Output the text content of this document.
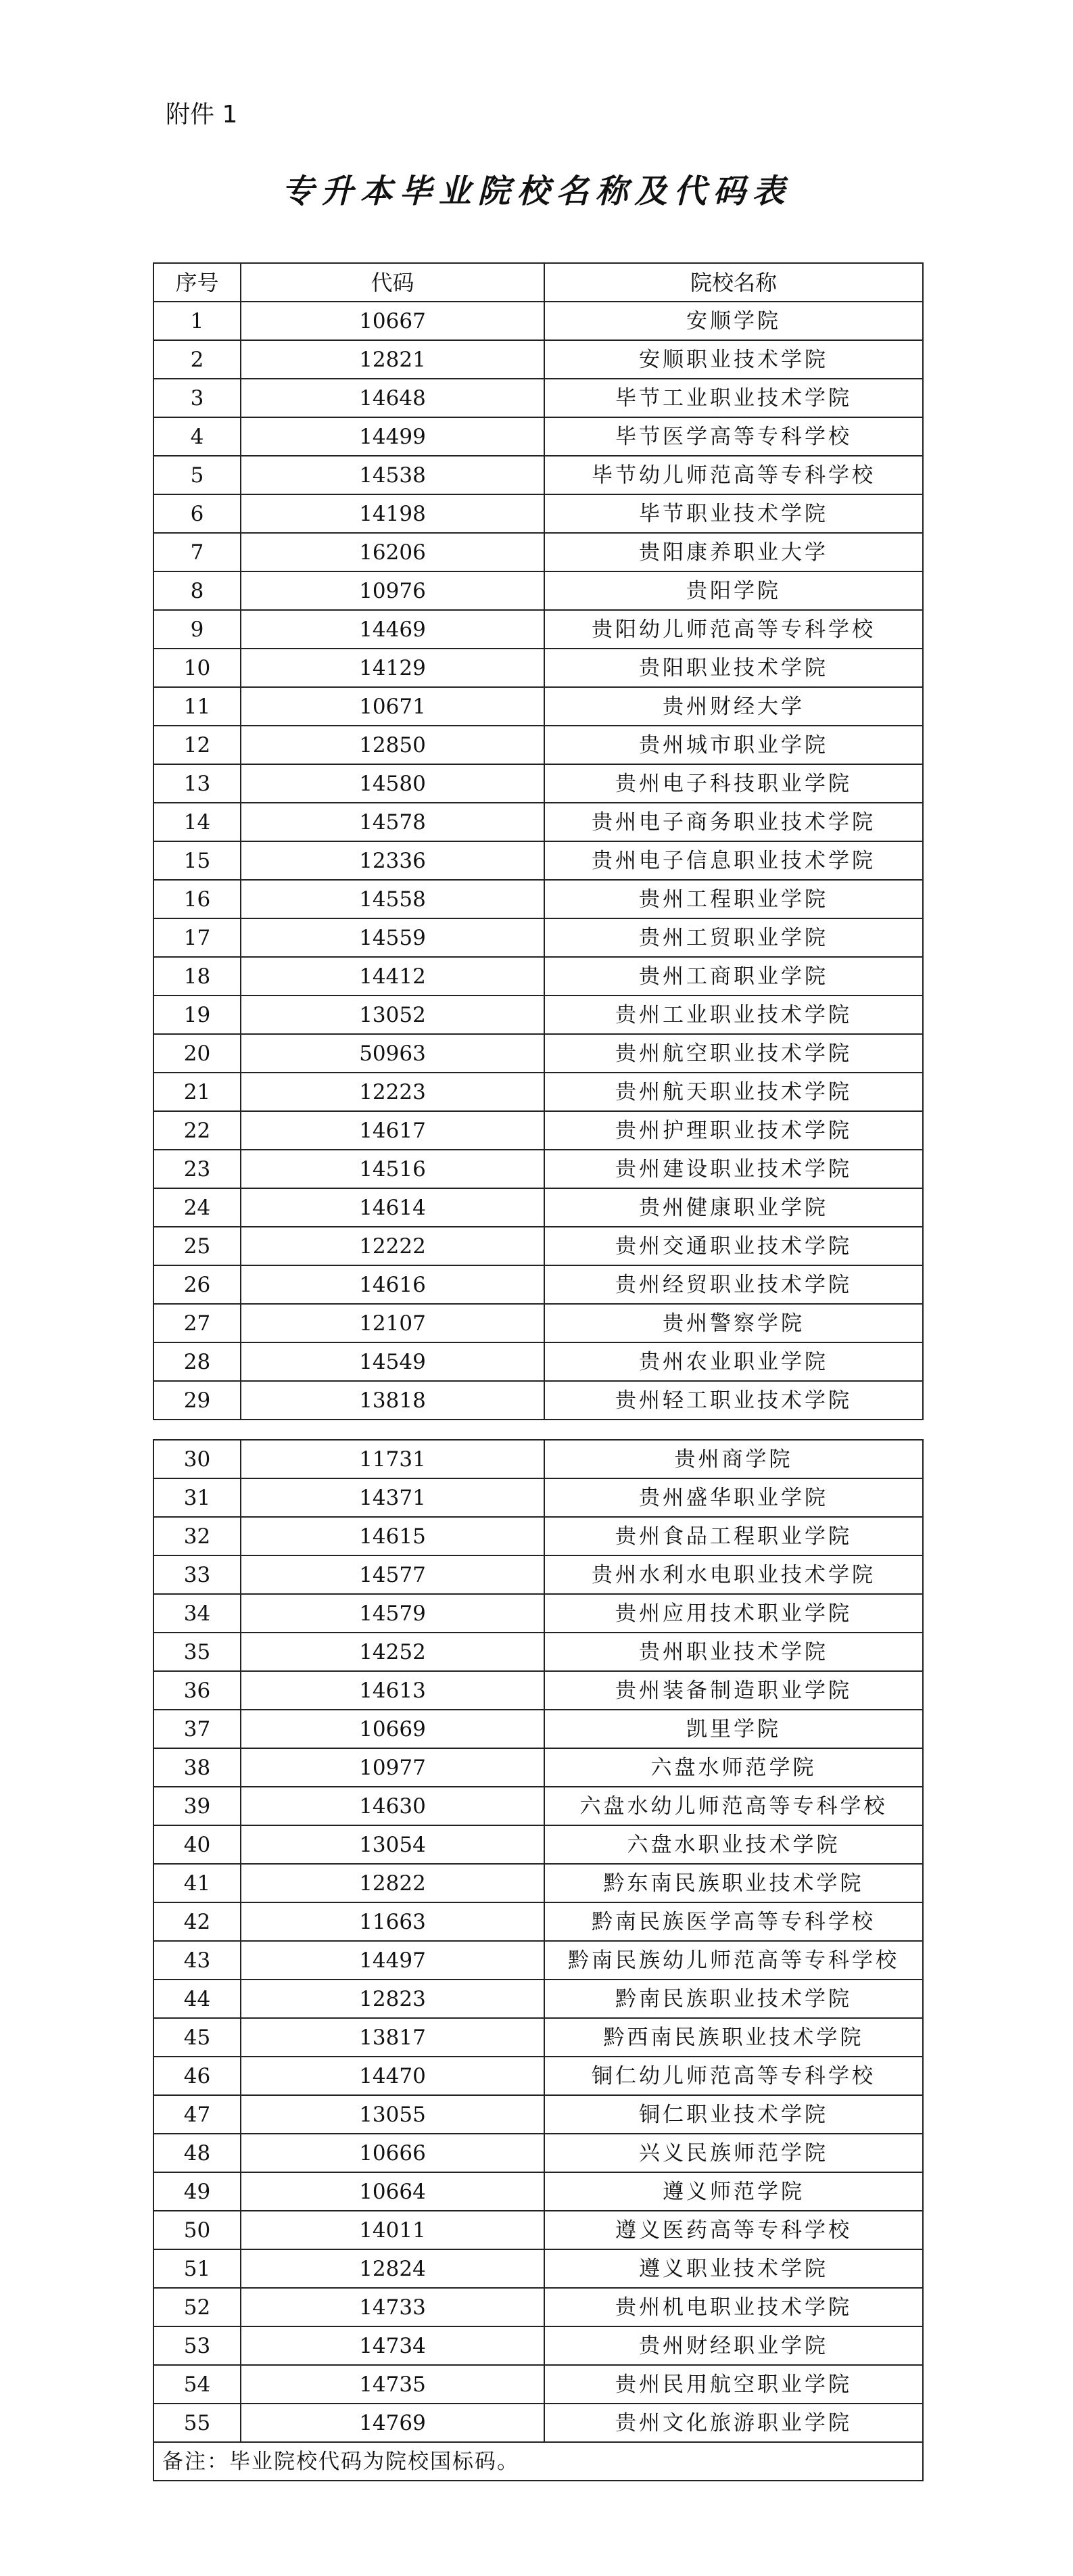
附件 1
专升本毕业院校名称及代码表
序号	代码	院校名称
1	10667	安顺学院
2	12821	安顺职业技术学院
3	14648	毕节工业职业技术学院
4	14499	毕节医学高等专科学校
5	14538	毕节幼儿师范高等专科学校
6	14198	毕节职业技术学院
7	16206	贵阳康养职业大学
8	10976	贵阳学院
9	14469	贵阳幼儿师范高等专科学校
10	14129	贵阳职业技术学院
11	10671	贵州财经大学
12	12850	贵州城市职业学院
13	14580	贵州电子科技职业学院
14	14578	贵州电子商务职业技术学院
15	12336	贵州电子信息职业技术学院
16	14558	贵州工程职业学院
17	14559	贵州工贸职业学院
18	14412	贵州工商职业学院
19	13052	贵州工业职业技术学院
20	50963	贵州航空职业技术学院
21	12223	贵州航天职业技术学院
22	14617	贵州护理职业技术学院
23	14516	贵州建设职业技术学院
24	14614	贵州健康职业学院
25	12222	贵州交通职业技术学院
26	14616	贵州经贸职业技术学院
27	12107	贵州警察学院
28	14549	贵州农业职业学院
29	13818	贵州轻工职业技术学院
30	11731	贵州商学院
31	14371	贵州盛华职业学院
32	14615	贵州食品工程职业学院
33	14577	贵州水利水电职业技术学院
34	14579	贵州应用技术职业学院
35	14252	贵州职业技术学院
36	14613	贵州装备制造职业学院
37	10669	凯里学院
38	10977	六盘水师范学院
39	14630	六盘水幼儿师范高等专科学校
40	13054	六盘水职业技术学院
41	12822	黔东南民族职业技术学院
42	11663	黔南民族医学高等专科学校
43	14497	黔南民族幼儿师范高等专科学校
44	12823	黔南民族职业技术学院
45	13817	黔西南民族职业技术学院
46	14470	铜仁幼儿师范高等专科学校
47	13055	铜仁职业技术学院
48	10666	兴义民族师范学院
49	10664	遵义师范学院
50	14011	遵义医药高等专科学校
51	12824	遵义职业技术学院
52	14733	贵州机电职业技术学院
53	14734	贵州财经职业学院
54	14735	贵州民用航空职业学院
55	14769	贵州文化旅游职业学院
备注：毕业院校代码为院校国标码。		
